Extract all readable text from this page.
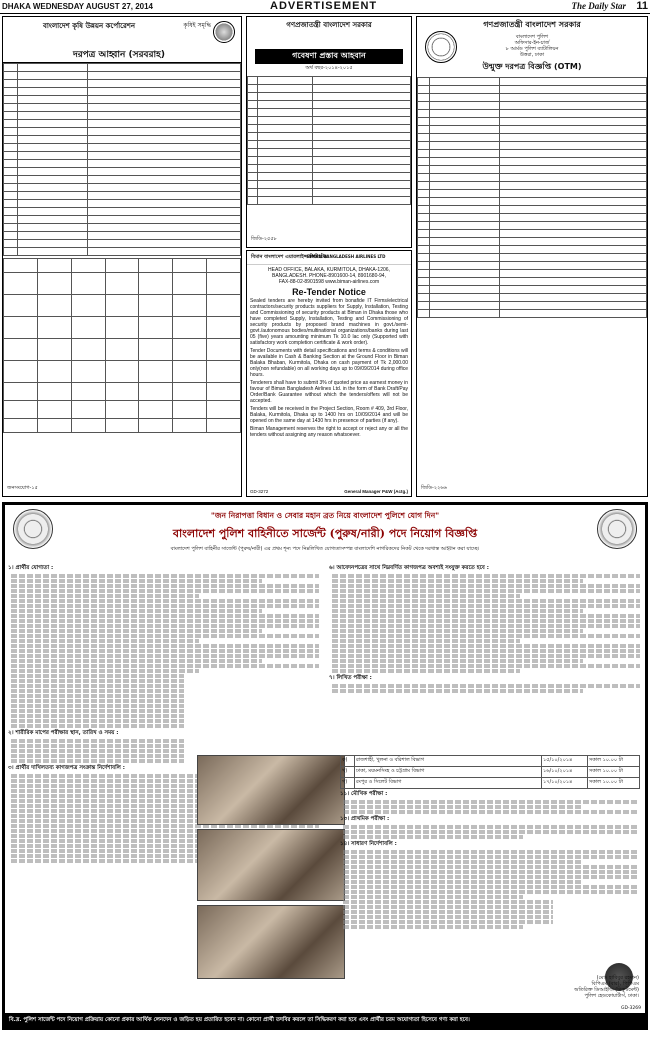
DHAKA WEDNESDAY AUGUST 27, 2014	ADVERTISEMENT	The Daily Star 11
বাংলাদেশ কৃষি উন্নয়ন কর্পোরেশন	কৃষিই সমৃদ্ধি
দরপত্র আহ্বান (সরবরাহ)

জনসংযোগ-১৫
গণপ্রজাতন্ত্রী বাংলাদেশ সরকার
গবেষণা প্রস্তাব আহবান
অর্থ বছর-২০১৪-২০১৫

জিডি-২৫৫৮
বিমান বাংলাদেশ এয়ারলাইন্স লিমিটেড
BIMAN BANGLADESH AIRLINES LTD
HEAD OFFICE, BALAKA, KURMITOLA, DHAKA-1206,
BANGLADESH. PHONE-8901600-14, 8901680-94,
FAX-88-02-8901598 www.biman-airlines.com
Re-Tender Notice

Sealed tenders are hereby invited from bonafide IT Firms/electrical contractors/security products suppliers for Supply, Installation, Testing and Commissioning of security products at Biman in Dhaka those who have completed Supply, Installation, Testing and Commissioning of security products by proposed brand machines in govt./semi-govt./autonomous bodies/multinational organizations/banks during last 05 (five) years amounting minimum Tk 10.0 lac only (Supported with satisfactory work completion certificate & work order).

Tender Documents with detail specifications and terms & conditions will be available in Cash & Banking Section at the Ground Floor in Biman Balaka Bhaban, Kurmitola, Dhaka on cash payment of Tk 2,000.00 only(non refundable) on all working days up to 09/09/2014 during office hours.

Tenderers shall have to submit 3% of quoted price as earnest money in favour of Biman Bangladesh Airlines Ltd. in the form of Bank Draft/Pay Order/Bank Guarantee without which the tenders/offers will not be accepted.

Tenders will be received in the Project Section, Room # 409, 3rd Floor, Balaka, Kurmitola, Dhaka up to 1400 hrs on 10/09/2014 and will be opened on the same day at 1430 hrs in presence of parties (if any).

Biman Management reserves the right to accept or reject any or all the tenders without assigning any reason whatsoever.

GD-3272	General Manager P&W (Actg.)
গণপ্রজাতন্ত্রী বাংলাদেশ সরকার
বাংলাদেশ পুলিশ
অফিসার-ইন-চার্জ
৮ আর্মড পুলিশ ব্যাটালিয়ন
উত্তরা, ঢাকা
উন্মুক্ত দরপত্র বিজ্ঞপ্তি (OTM)

জিডি-২২৬৬
"জন নিরাপত্তা বিধান ও সেবার মহান ব্রত নিয়ে বাংলাদেশ পুলিশে যোগ দিন"
বাংলাদেশ পুলিশ বাহিনীতে সার্জেন্ট (পুরুষ/নারী) পদে নিয়োগ বিজ্ঞপ্তি
বাংলাদেশ পুলিশ বাহিনীর সার্জেন্ট (পুরুষ/নারী) এর প্রথম শূন্য পদে নিম্নলিখিত যোগ্যতাসম্পন্ন বাংলাদেশি নাগরিকদের নিকট থেকে দরখাস্ত আহ্বান করা যাচ্ছে।
১। প্রার্থীর যোগ্যতা :
২। শারীরিক মাপের পরীক্ষার স্থান, তারিখ ও সময় :
৩। প্রার্থীর দাখিলতব্য কাগজপত্র সংক্রান্ত নির্দেশাবলি :
৬। আবেদনপত্রের সাথে নিম্নবর্ণিত কাগজপত্র অবশ্যই সংযুক্ত করতে হবে :
৭। লিখিত পরীক্ষা :
ক)	রাজশাহী, খুলনা ও বরিশাল বিভাগ	১৫/১০/২০১৪	সকাল ১০.০০ টা
খ)	ঢাকা, ময়মনসিংহ ও চট্টগ্রাম বিভাগ	১৬/১০/২০১৪	সকাল ১০.০০ টা
গ)	রংপুর ও সিলেট বিভাগ	১৭/১০/২০১৪	সকাল ১০.০০ টা
১১। মৌখিক পরীক্ষা :
১৩। প্রাথমিক পরীক্ষা :
১৪। সাধারণ নির্দেশাবলি :
(মোঃ হাবিবুর রহমান)
বিপিএম (বার), পিপিএম
অতিরিক্ত ডিআইজি (রিক্রুটমেন্ট)
পুলিশ হেডকোয়ার্টার্স, ঢাকা।
GD-3269
বি.দ্র. পুলিশ সার্জেন্ট পদে নিয়োগ প্রক্রিয়ায় কোনো প্রকার আর্থিক লেনদেন ও জড়িত হয় প্রতারিত হবেন না। কোনো প্রার্থী তদবির করলে তা সিদ্ধিকরণ করা হবে এবং প্রার্থীর চরম অযোগ্যতা হিসেবে গণ্য করা হবে।
